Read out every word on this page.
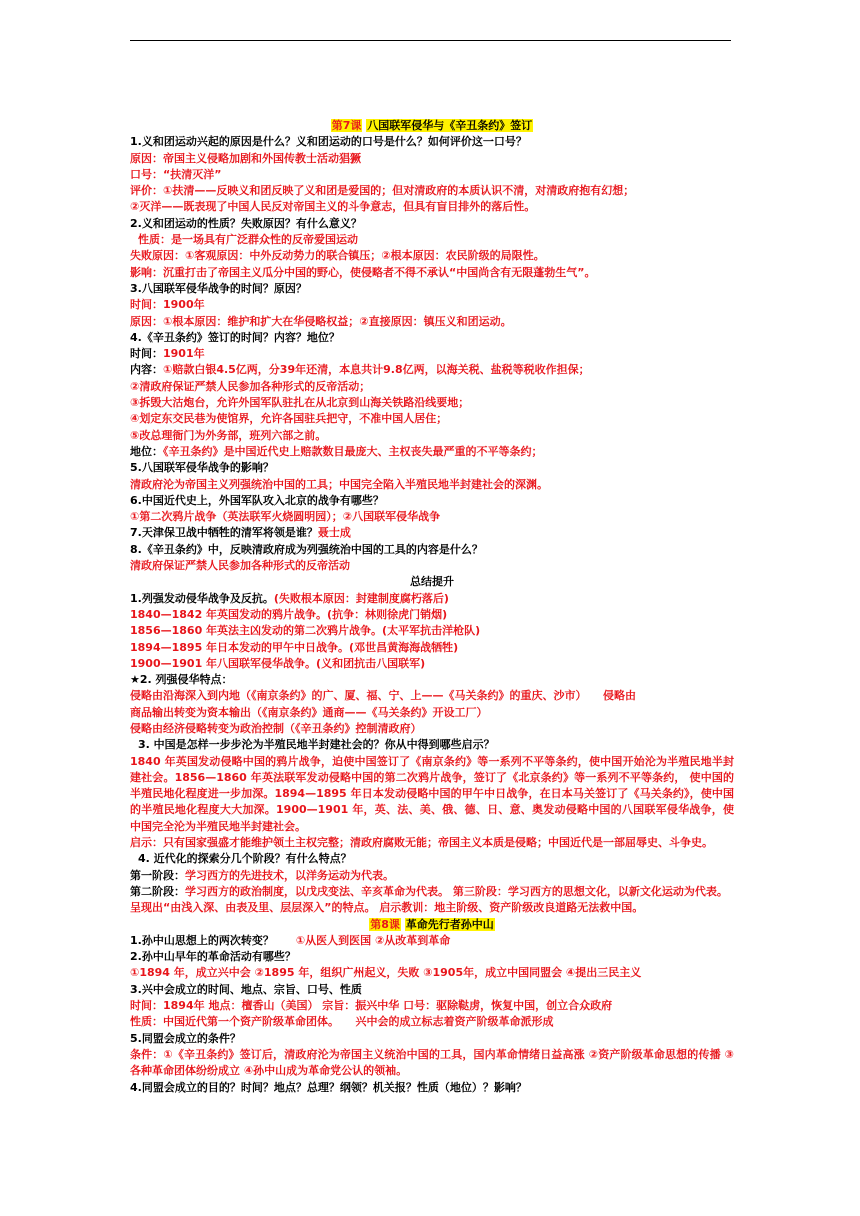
第7课 八国联军侵华与《辛丑条约》签订

1.义和团运动兴起的原因是什么？义和团运动的口号是什么？如何评价这一口号？

原因：帝国主义侵略加剧和外国传教士活动猖獗

口号：“扶清灭洋”

评价：①扶清——反映义和团反映了义和团是爱国的；但对清政府的本质认识不清，对清政府抱有幻想；

②灭洋——既表现了中国人民反对帝国主义的斗争意志，但具有盲目排外的落后性。

2.义和团运动的性质？失败原因？有什么意义？

性质：是一场具有广泛群众性的反帝爱国运动

失败原因：①客观原因：中外反动势力的联合镇压；②根本原因：农民阶级的局限性。

影响：沉重打击了帝国主义瓜分中国的野心，使侵略者不得不承认“中国尚含有无限蓬勃生气”。

3.八国联军侵华战争的时间？原因？

时间：1900年

原因：①根本原因：维护和扩大在华侵略权益；②直接原因：镇压义和团运动。

4.《辛丑条约》签订的时间？内容？地位？

时间：1901年

内容：①赔款白银4.5亿两，分39年还清，本息共计9.8亿两，以海关税、盐税等税收作担保；

②清政府保证严禁人民参加各种形式的反帝活动；

③拆毁大沽炮台，允许外国军队驻扎在从北京到山海关铁路沿线要地；

④划定东交民巷为使馆界，允许各国驻兵把守，不准中国人居住；

⑤改总理衙门为外务部，班列六部之前。

地位：《辛丑条约》是中国近代史上赔款数目最庞大、主权丧失最严重的不平等条约；

5.八国联军侵华战争的影响？

清政府沦为帝国主义列强统治中国的工具；中国完全陷入半殖民地半封建社会的深渊。

6.中国近代史上，外国军队攻入北京的战争有哪些？

①第二次鸦片战争（英法联军火烧圆明园）；②八国联军侵华战争

7.天津保卫战中牺牲的清军将领是谁？聂士成

8.《辛丑条约》中，反映清政府成为列强统治中国的工具的内容是什么？

清政府保证严禁人民参加各种形式的反帝活动

总结提升

1.列强发动侵华战争及反抗。(失败根本原因：封建制度腐朽落后)

1840—1842 年英国发动的鸦片战争。(抗争：林则徐虎门销烟)

1856—1860 年英法主凶发动的第二次鸦片战争。(太平军抗击洋枪队)

1894—1895 年日本发动的甲午中日战争。(邓世昌黄海海战牺牲)

1900—1901 年八国联军侵华战争。(义和团抗击八国联军)

★2. 列强侵华特点：

侵略由沿海深入到内地（《南京条约》的广、厦、福、宁、上——《马关条约》的重庆、沙市）　　侵略由

商品输出转变为资本输出（《南京条约》通商——《马关条约》开设工厂）

侵略由经济侵略转变为政治控制（《辛丑条约》控制清政府）

3. 中国是怎样一步步沦为半殖民地半封建社会的？你从中得到哪些启示？

1840 年英国发动侵略中国的鸦片战争，迫使中国签订了《南京条约》等一系列不平等条约，使中国开始沦为半殖民地半封建社会。1856—1860 年英法联军发动侵略中国的第二次鸦片战争，签订了《北京条约》等一系列不平等条约， 使中国的半殖民地化程度进一步加深。1894—1895 年日本发动侵略中国的甲午中日战争，在日本马关签订了《马关条约》，使中国的半殖民地化程度大大加深。1900—1901 年，英、法、美、俄、德、日、意、奥发动侵略中国的八国联军侵华战争，使中国完全沦为半殖民地半封建社会。

启示：只有国家强盛才能维护领土主权完整；清政府腐败无能；帝国主义本质是侵略；中国近代是一部屈辱史、斗争史。

4. 近代化的探索分几个阶段？有什么特点？

第一阶段：学习西方的先进技术，以洋务运动为代表。

第二阶段：学习西方的政治制度，以戊戌变法、辛亥革命为代表。 第三阶段：学习西方的思想文化，以新文化运动为代表。

呈现出“由浅入深、由表及里、层层深入”的特点。 启示教训：地主阶级、资产阶级改良道路无法救中国。

第8课 革命先行者孙中山

1.孙中山思想上的两次转变？　　 ①从医人到医国 ②从改革到革命

2.孙中山早年的革命活动有哪些？

①1894 年，成立兴中会 ②1895 年，组织广州起义，失败 ③1905年，成立中国同盟会 ④提出三民主义

3.兴中会成立的时间、地点、宗旨、口号、性质

时间：1894年 地点：檀香山（美国） 宗旨：振兴中华 口号：驱除鞑虏，恢复中国，创立合众政府

性质：中国近代第一个资产阶级革命团体。　　兴中会的成立标志着资产阶级革命派形成

5.同盟会成立的条件？

条件：①《辛丑条约》签订后，清政府沦为帝国主义统治中国的工具，国内革命情绪日益高涨 ②资产阶级革命思想的传播 ③各种革命团体纷纷成立 ④孙中山成为革命党公认的领袖。

4.同盟会成立的目的？时间？地点？总理？纲领？机关报？性质（地位）？影响？
